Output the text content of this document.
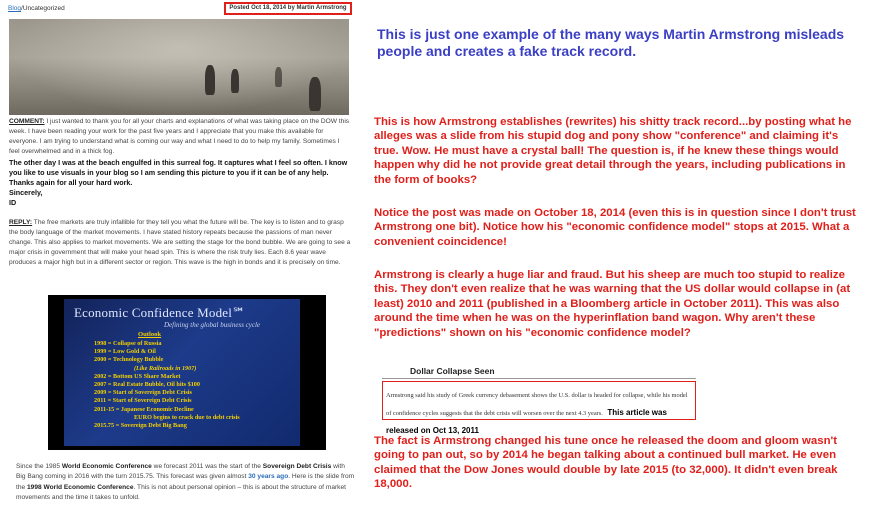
Blog/Uncategorized	Posted Oct 18, 2014 by Martin Armstrong
COMMENT: I just wanted to thank you for all your charts and explanations of what was taking place on the DOW this week. I have been reading your work for the past five years and I appreciate that you make this available for everyone. I am trying to understand what is coming our way and what I need to do to help my family. Sometimes I feel overwhelmed and in a thick fog.
The other day I was at the beach engulfed in this surreal fog. It captures what I feel so often. I know you like to use visuals in your blog so I am sending this picture to you if it can be of any help. Thanks again for all your hard work.
Sincerely,
ID
REPLY: The free markets are truly infallible for they tell you what the future will be. The key is to listen and to grasp the body language of the market movements. I have stated history repeats because the passions of man never change. This also applies to market movements. We are setting the stage for the bond bubble. We are going to see a major crisis in government that will make your head spin. This is where the risk truly lies. Each 8.6 year wave produces a major high but in a different sector or region. This wave is the high in bonds and it is precisely on time.
Economic Confidence Model℠
Defining the global business cycle
Outlook
1998 = Collapse of Russia
1999 = Low Gold & Oil
2000 = Technology Bubble
(Like Railroads in 1907)
2002 = Bottom US Share Market
2007 = Real Estate Bubble, Oil hits $100
2009 = Start of Sovereign Debt Crisis
2011 = Start of Sovereign Debt Crisis
2011-15 = Japanese Economic Decline
EURO begins to crack due to debt crisis
2015.75 = Sovereign Debt Big Bang
Since the 1985 World Economic Conference we forecast 2011 was the start of the Sovereign Debt Crisis with Big Bang coming in 2016 with the turn 2015.75. This forecast was given almost 30 years ago. Here is the slide from the 1998 World Economic Conference. This is not about personal opinion – this is about the structure of market movements and the time it takes to unfold.
This is just one example of the many ways Martin Armstrong misleads people and creates a fake track record.
This is how Armstrong establishes (rewrites) his shitty track record...by posting what he alleges was a slide from his stupid dog and pony show "conference" and claiming it's true. Wow. He must have a crystal ball! The question is, if he knew these things would happen why did he not provide great detail through the years, including publications in the form of books?
Notice the post was made on October 18, 2014 (even this is in question since I don't trust Armstrong one bit). Notice how his "economic confidence model" stops at 2015. What a convenient coincidence!
Armstrong is clearly a huge liar and fraud. But his sheep are much too stupid to realize this. They don't even realize that he was warning that the US dollar would collapse in (at least) 2010 and 2011 (published in a Bloomberg article in October 2011). This was also around the time when he was on the hyperinflation band wagon. Why aren't these "predictions" shown on his "economic confidence model?
Dollar Collapse Seen
Armstrong said his study of Greek currency debasement shows the U.S. dollar is headed for collapse, while his model of confidence cycles suggests that the debt crisis will worsen over the next 4.3 years. This article was released on Oct 13, 2011
The fact is Armstrong changed his tune once he released the doom and gloom wasn't going to pan out, so by 2014 he began talking about a continued bull market. He even claimed that the Dow Jones would double by late 2015 (to 32,000). It didn't even break 18,000.
